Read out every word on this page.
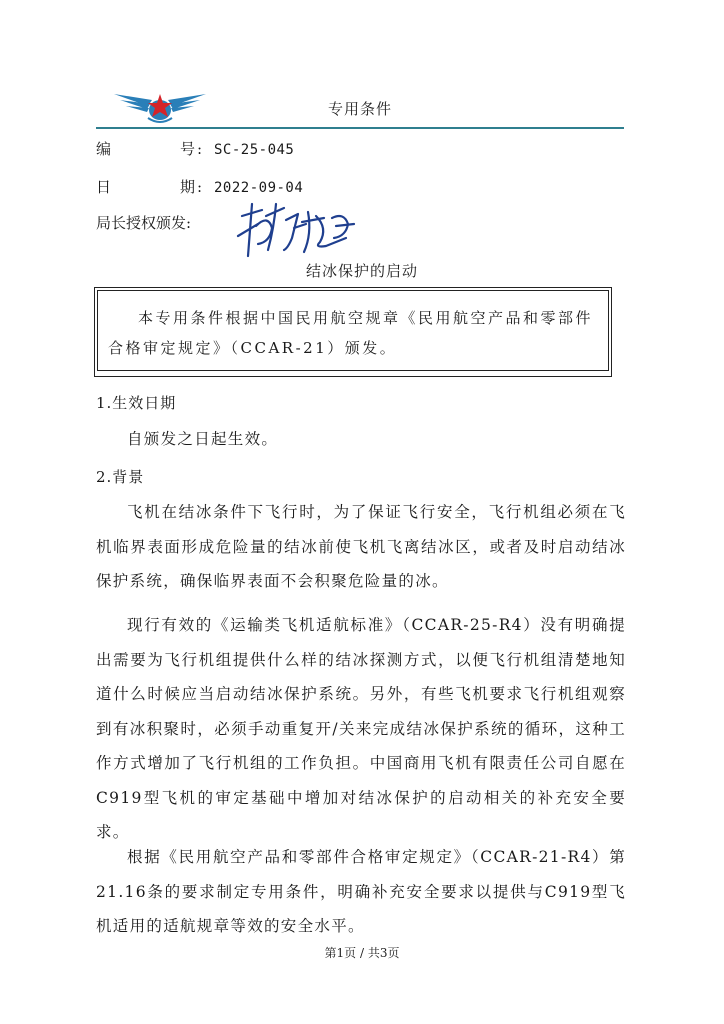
专用条件
编	号: SC-25-045
日	期: 2022-09-04
局长授权颁发:
结冰保护的启动
本专用条件根据中国民用航空规章《民用航空产品和零部件合格审定规定》（CCAR-21）颁发。
1.生效日期
自颁发之日起生效。
2.背景
飞机在结冰条件下飞行时，为了保证飞行安全，飞行机组必须在飞机临界表面形成危险量的结冰前使飞机飞离结冰区，或者及时启动结冰保护系统，确保临界表面不会积聚危险量的冰。
现行有效的《运输类飞机适航标准》（CCAR-25-R4）没有明确提出需要为飞行机组提供什么样的结冰探测方式，以便飞行机组清楚地知道什么时候应当启动结冰保护系统。另外，有些飞机要求飞行机组观察到有冰积聚时，必须手动重复开/关来完成结冰保护系统的循环，这种工作方式增加了飞行机组的工作负担。中国商用飞机有限责任公司自愿在C919型飞机的审定基础中增加对结冰保护的启动相关的补充安全要求。
根据《民用航空产品和零部件合格审定规定》（CCAR-21-R4）第21.16条的要求制定专用条件，明确补充安全要求以提供与C919型飞机适用的适航规章等效的安全水平。
第1页 / 共3页
